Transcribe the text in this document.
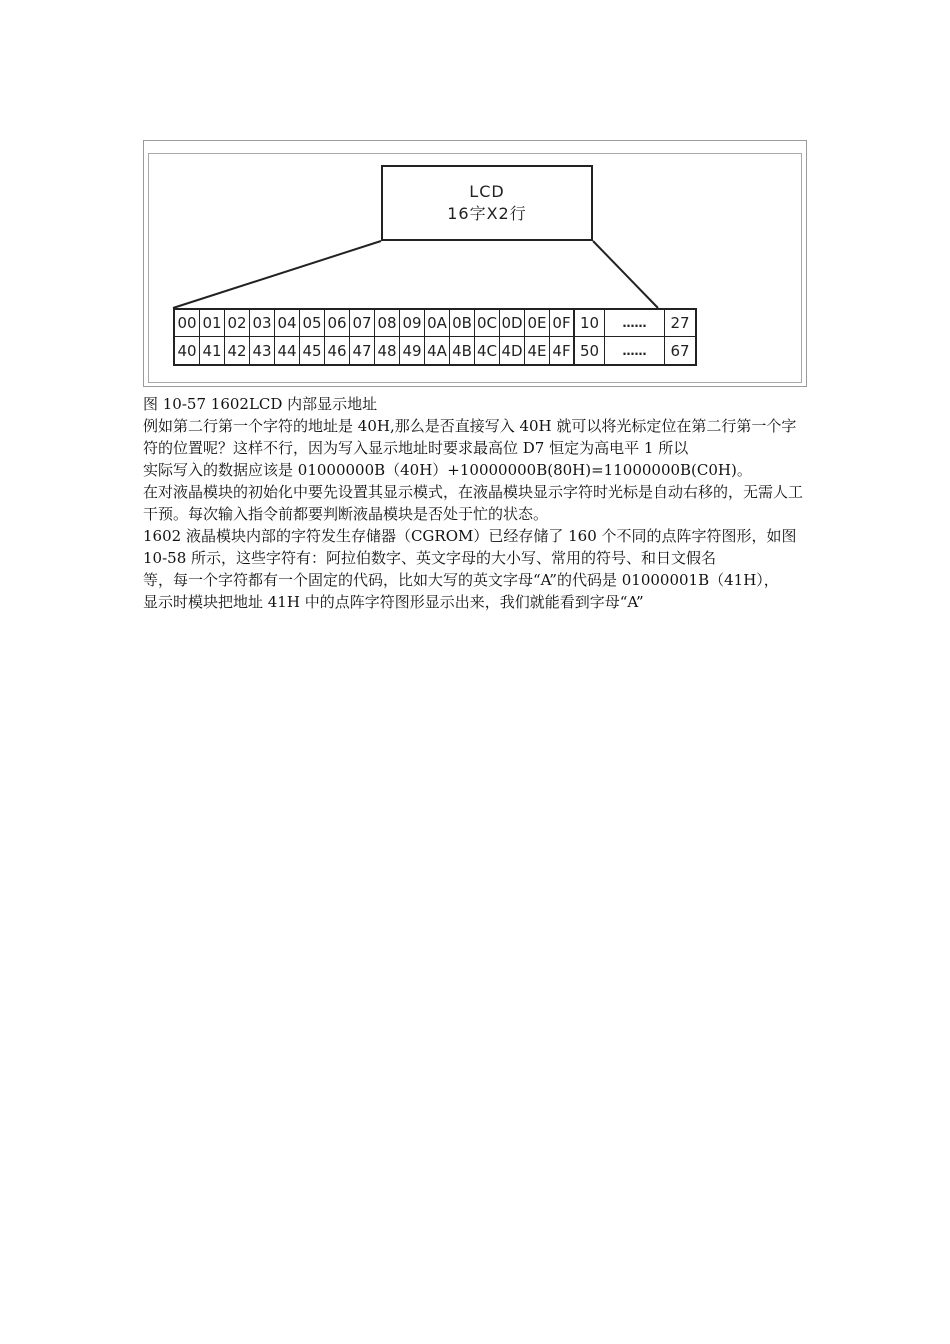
LCD
16字X2行
00 01 02 03 04 05 06 07 08 09 0A 0B 0C 0D 0E 0F 10	……	27
40 41 42 43 44 45 46 47 48 49 4A 4B 4C 4D 4E 4F 50	……	67
图 10-57 1602LCD 内部显示地址

例如第二行第一个字符的地址是 40H,那么是否直接写入 40H 就可以将光标定位在第二行第一个字符的位置呢？这样不行，因为写入显示地址时要求最高位 D7 恒定为高电平 1 所以

实际写入的数据应该是 01000000B（40H）+10000000B(80H)=11000000B(C0H)。

在对液晶模块的初始化中要先设置其显示模式，在液晶模块显示字符时光标是自动右移的，无需人工干预。每次输入指令前都要判断液晶模块是否处于忙的状态。

1602 液晶模块内部的字符发生存储器（CGROM）已经存储了 160 个不同的点阵字符图形，如图 10-58 所示，这些字符有：阿拉伯数字、英文字母的大小写、常用的符号、和日文假名

等，每一个字符都有一个固定的代码，比如大写的英文字母“A”的代码是 01000001B（41H），

显示时模块把地址 41H 中的点阵字符图形显示出来，我们就能看到字母“A”
